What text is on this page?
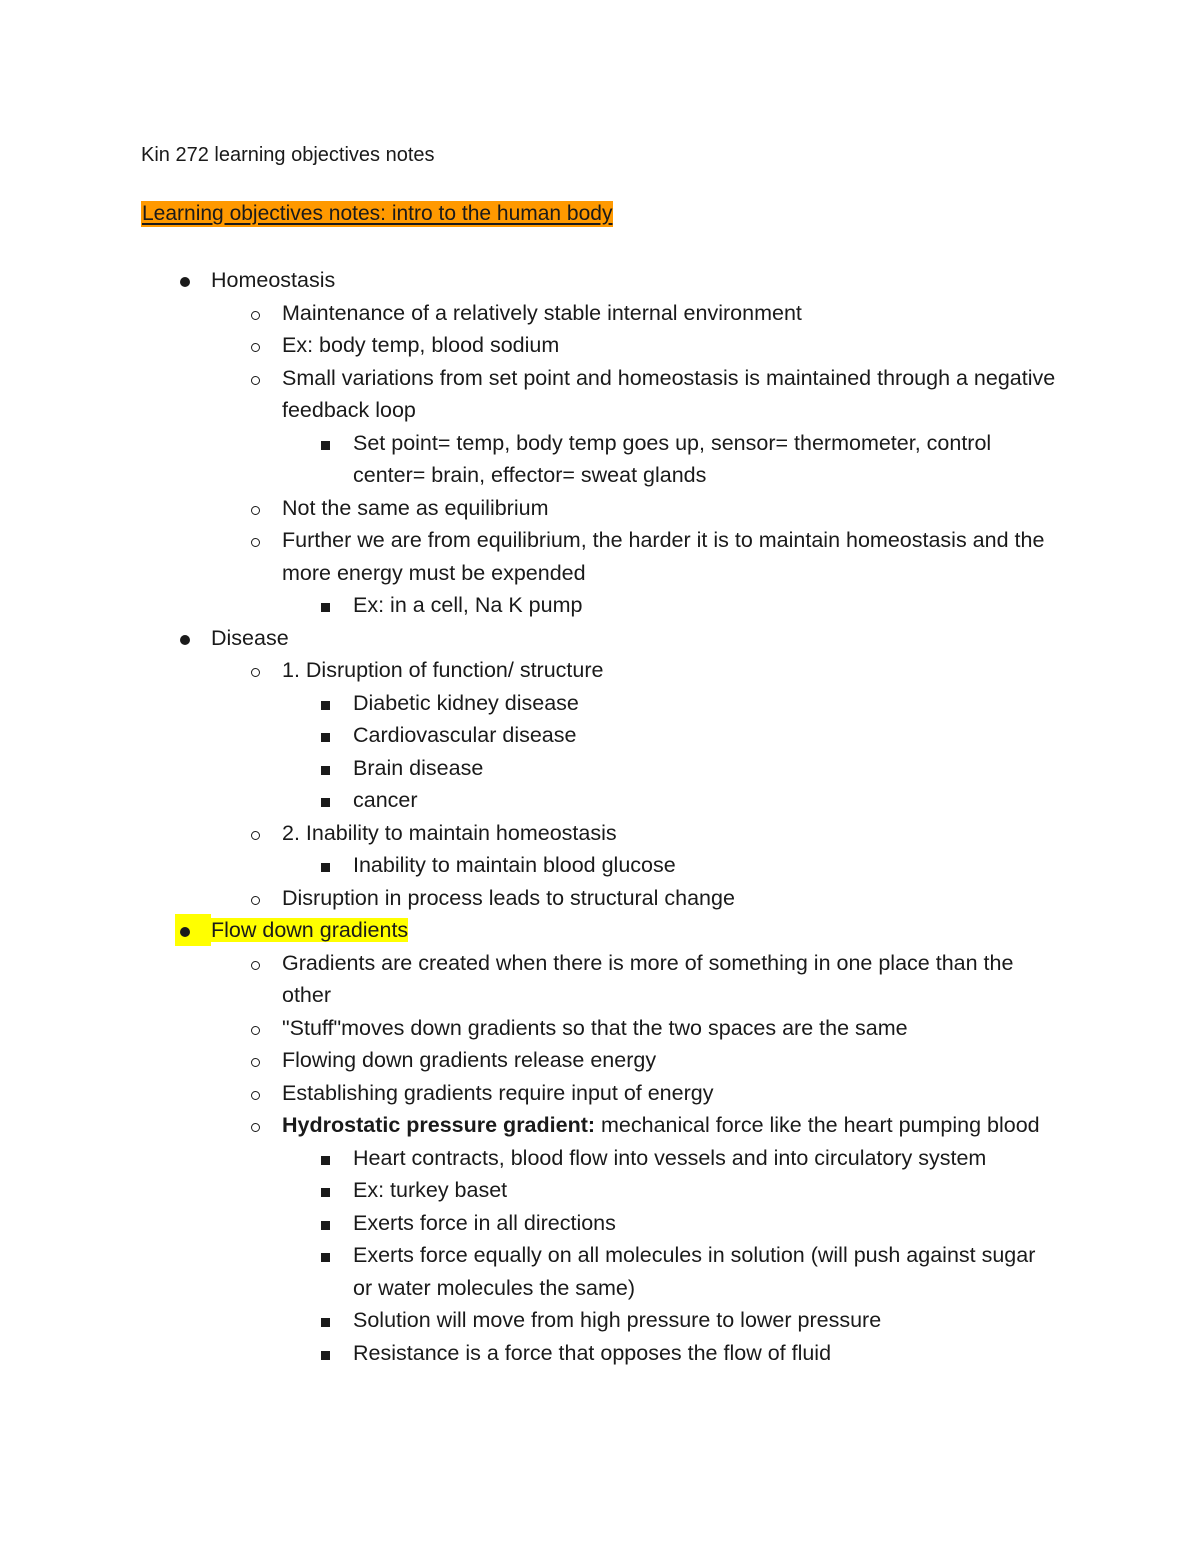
Kin 272 learning objectives notes
Learning objectives notes: intro to the human body
Homeostasis
Maintenance of a relatively stable internal environment
Ex: body temp, blood sodium
Small variations from set point and homeostasis is maintained through a negative feedback loop
Set point= temp, body temp goes up, sensor= thermometer, control center= brain, effector= sweat glands
Not the same as equilibrium
Further we are from equilibrium, the harder it is to maintain homeostasis and the more energy must be expended
Ex: in a cell, Na K pump
Disease
1. Disruption of function/ structure
Diabetic kidney disease
Cardiovascular disease
Brain disease
cancer
2. Inability to maintain homeostasis
Inability to maintain blood glucose
Disruption in process leads to structural change
Flow down gradients
Gradients are created when there is more of something in one place than the other
"Stuff"moves down gradients so that the two spaces are the same
Flowing down gradients release energy
Establishing gradients require input of energy
Hydrostatic pressure gradient: mechanical force like the heart pumping blood
Heart contracts, blood flow into vessels and into circulatory system
Ex: turkey baset
Exerts force in all directions
Exerts force equally on all molecules in solution (will push against sugar or water molecules the same)
Solution will move from high pressure to lower pressure
Resistance is a force that opposes the flow of fluid
